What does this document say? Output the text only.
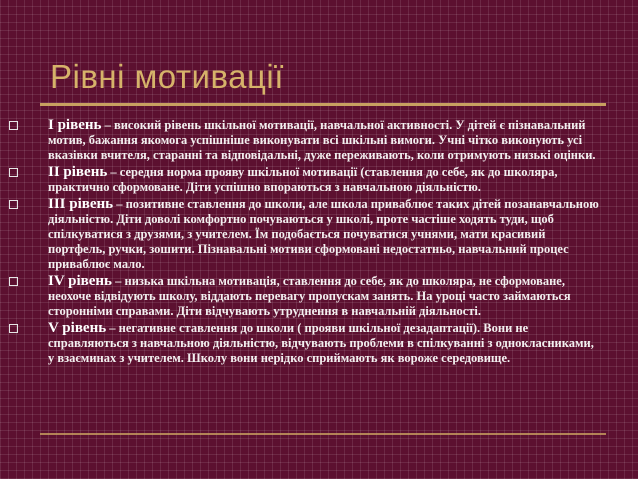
Рівні мотивації
І рівень – високий рівень шкільної мотивації, навчальної активності. У дітей є пізнавальний мотив, бажання якомога успішніше виконувати всі шкільні вимоги. Учні чітко виконують усі вказівки вчителя, старанні та відповідальні, дуже переживають, коли отримують низькі оцінки.
ІІ рівень – середня норма прояву шкільної мотивації (ставлення до себе, як до школяра, практично сформоване. Діти успішно впораються з навчальною діяльністю.
ІІІ рівень – позитивне ставлення до школи, але школа приваблює таких дітей позанавчальною діяльністю. Діти доволі комфортно почуваються у школі, проте частіше ходять туди, щоб спілкуватися з друзями, з учителем. Їм подобається почуватися учнями, мати красивий портфель, ручки, зошити. Пізнавальні мотиви сформовані недостатньо, навчальний процес приваблює мало.
ІV рівень – низька шкільна мотивація, ставлення до себе, як до школяра, не сформоване, неохоче відвідують школу, віддають перевагу пропускам занять. На уроці часто займаються сторонніми справами. Діти відчувають утруднення в навчальній діяльності.
V рівень – негативне ставлення до школи ( прояви шкільної дезадаптації). Вони не справляються з навчальною діяльністю, відчувають проблеми в спілкуванні з однокласниками, у взаєминах з учителем. Школу вони нерідко сприймають як вороже середовище.
